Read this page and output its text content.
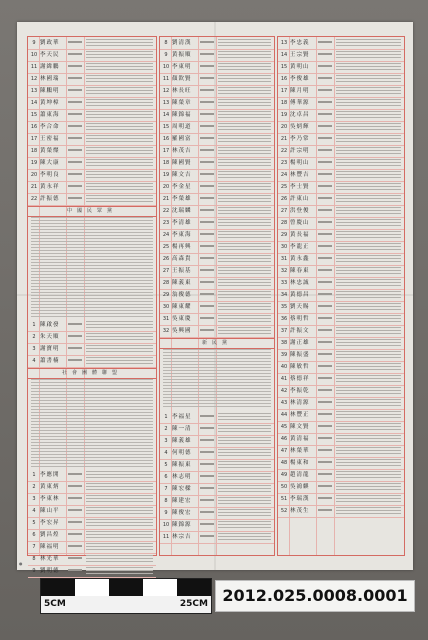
9 劉政華
10 李天民
11 謝緯鵬
12 林國瑞
13 陳鵬明
14 黃坤樟
15 蕭東海
16 李合命
17 王密福
18 黃榮燦
19 陳大康
20 李明良
21 黃永祥
22 許振德
中國民眾黨
1 陳啟發
2 朱天順
3 謝寶明
4 蕭書楠
社會團體聯盟
1 李應開
2 黃東炳
3 李東林
4 陳山平
5 李宏昇
6 劉昌煌
7 陳福明
8 林光華
9 劉明德
8 劉清漢
9 黃振順
10 李東明
11 顏欽賢
12 林長旺
13 陳榮章
14 陳錦福
15 周明道
16 羅國富
17 林茂吉
18 陳國賢
19 陳文吉
20 李金星
21 李榮雄
22 沈瑞麟
23 李清雄
24 李東海
25 楊再興
26 高森貴
27 王振基
28 陳義東
29 翁俊德
30 陳東耀
31 吳東慶
32 吳興國
新民黨
1 李福星
2 陳一清
3 陳義雄
4 何明德
5 陳振東
6 林志明
7 陳宏樑
8 陳建宏
9 陳俊宏
10 陳錦源
11 林宗吉
13 李忠義
14 王宗賢
15 黃明山
16 李俊雄
17 陳月明
18 傅華源
19 沈卓昌
20 吳炳輝
21 李乃常
22 許宗明
23 楊明山
24 林豐吉
25 李士賢
26 許東山
27 洪登俊
28 曾慶山
29 黃長福
30 李龍正
31 黃永鑫
32 陳春東
33 林忠誠
34 黃德昌
35 劉天賜
36 蔡明哲
37 許振文
38 謝正雄
39 陳振盛
40 陳敏哲
41 蔡德祥
42 李振乾
43 林清源
44 林豐正
45 陳文賢
46 黃清福
47 林榮華
48 楊東和
49 趙清龍
50 吳鴻麒
51 李瑞漢
52 林茂生
●
5CM	25CM 2012.025.0008.0001
